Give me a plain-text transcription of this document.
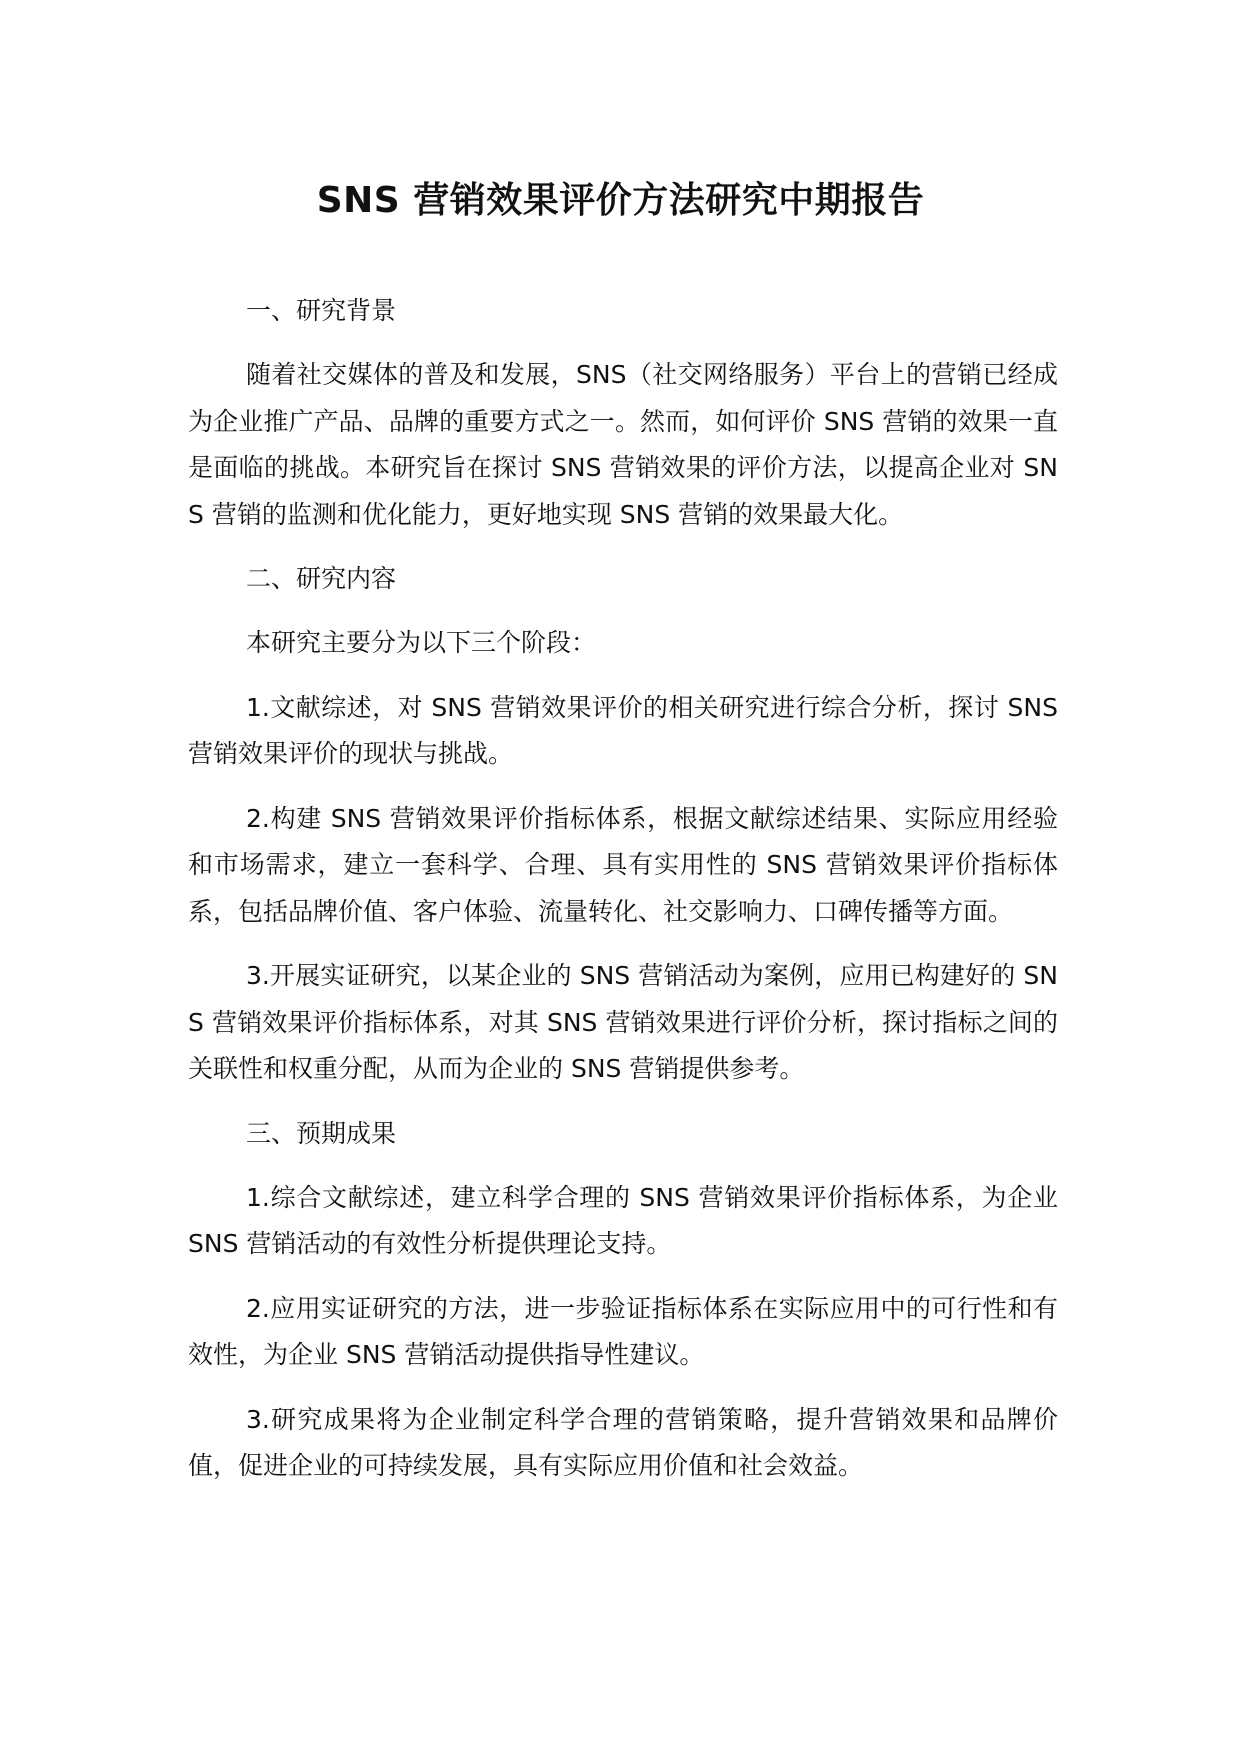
SNS 营销效果评价方法研究中期报告
一、研究背景
随着社交媒体的普及和发展，SNS（社交网络服务）平台上的营销已经成为企业推广产品、品牌的重要方式之一。然而，如何评价 SNS 营销的效果一直是面临的挑战。本研究旨在探讨 SNS 营销效果的评价方法，以提高企业对 SNS 营销的监测和优化能力，更好地实现 SNS 营销的效果最大化。
二、研究内容
本研究主要分为以下三个阶段：
1.文献综述，对 SNS 营销效果评价的相关研究进行综合分析，探讨 SNS 营销效果评价的现状与挑战。
2.构建 SNS 营销效果评价指标体系，根据文献综述结果、实际应用经验和市场需求，建立一套科学、合理、具有实用性的 SNS 营销效果评价指标体系，包括品牌价值、客户体验、流量转化、社交影响力、口碑传播等方面。
3.开展实证研究，以某企业的 SNS 营销活动为案例，应用已构建好的 SNS 营销效果评价指标体系，对其 SNS 营销效果进行评价分析，探讨指标之间的关联性和权重分配，从而为企业的 SNS 营销提供参考。
三、预期成果
1.综合文献综述，建立科学合理的 SNS 营销效果评价指标体系，为企业 SNS 营销活动的有效性分析提供理论支持。
2.应用实证研究的方法，进一步验证指标体系在实际应用中的可行性和有效性，为企业 SNS 营销活动提供指导性建议。
3.研究成果将为企业制定科学合理的营销策略，提升营销效果和品牌价值，促进企业的可持续发展，具有实际应用价值和社会效益。
